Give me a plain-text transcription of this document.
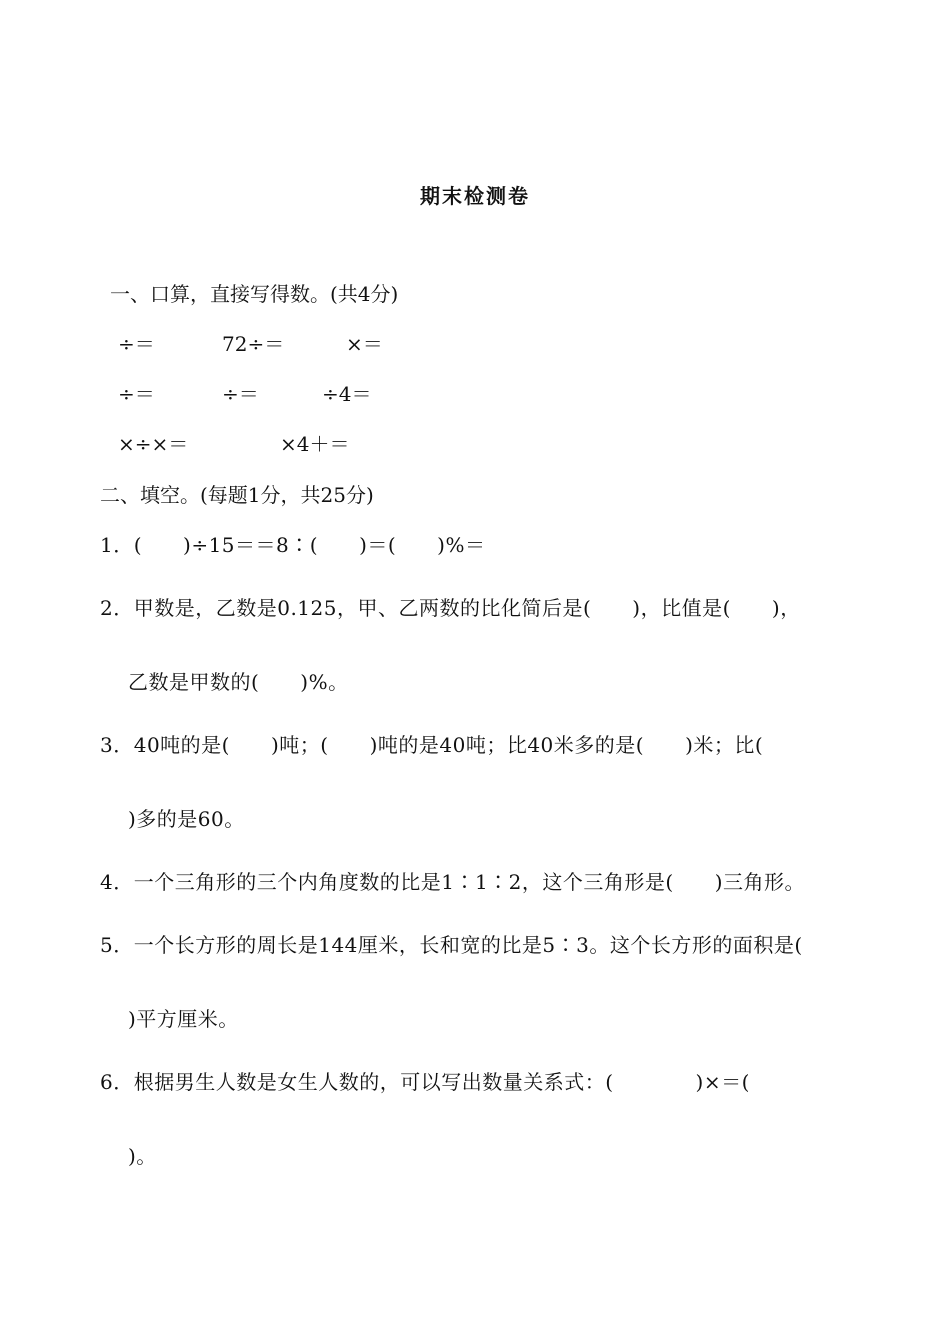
期末检测卷
一、口算，直接写得数。(共4分)
÷＝	72÷＝	×＝
÷＝	÷＝	÷4＝
×÷×＝	×4＋＝
二、填空。(每题1分，共25分)
1．(　　)÷15＝＝8∶(　　)＝(　　)%＝
2．甲数是，乙数是0.125，甲、乙两数的比化简后是(　　)，比值是(　　)，
乙数是甲数的(　　)%。
3．40吨的是(　　)吨；(　　)吨的是40吨；比40米多的是(　　)米；比(
)多的是60。
4．一个三角形的三个内角度数的比是1∶1∶2，这个三角形是(　　)三角形。
5．一个长方形的周长是144厘米，长和宽的比是5∶3。这个长方形的面积是(
)平方厘米。
6．根据男生人数是女生人数的，可以写出数量关系式：(　　　　)×＝(
)。
